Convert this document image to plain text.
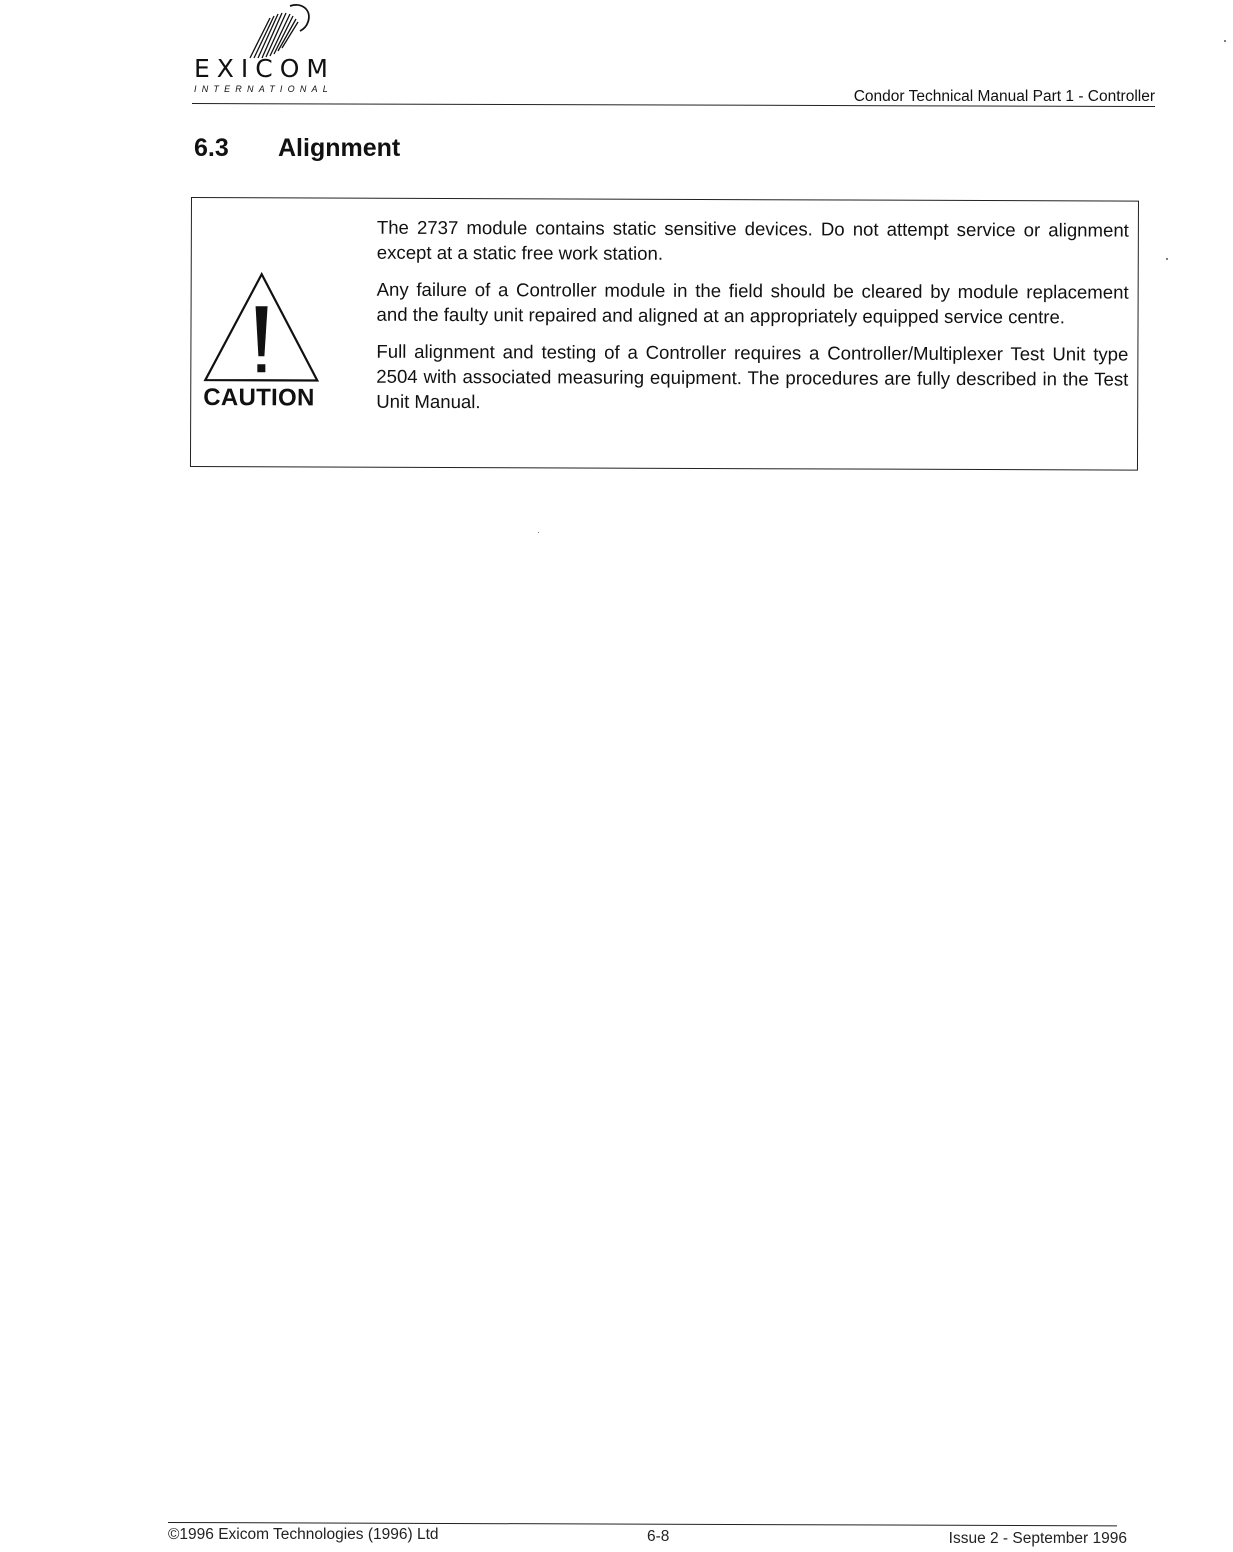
EXICOM
INTERNATIONAL	Condor Technical Manual Part 1 - Controller
6.3 Alignment
CAUTION

The 2737 module contains static sensitive devices. Do not attempt service or alignment except at a static free work station.

Any failure of a Controller module in the field should be cleared by module replacement and the faulty unit repaired and aligned at an appropriately equipped service centre.

Full alignment and testing of a Controller requires a Controller/Multiplexer Test Unit type 2504 with associated measuring equipment. The procedures are fully described in the Test Unit Manual.

©1996 Exicom Technologies (1996) Ltd	6-8	Issue 2 - September 1996
